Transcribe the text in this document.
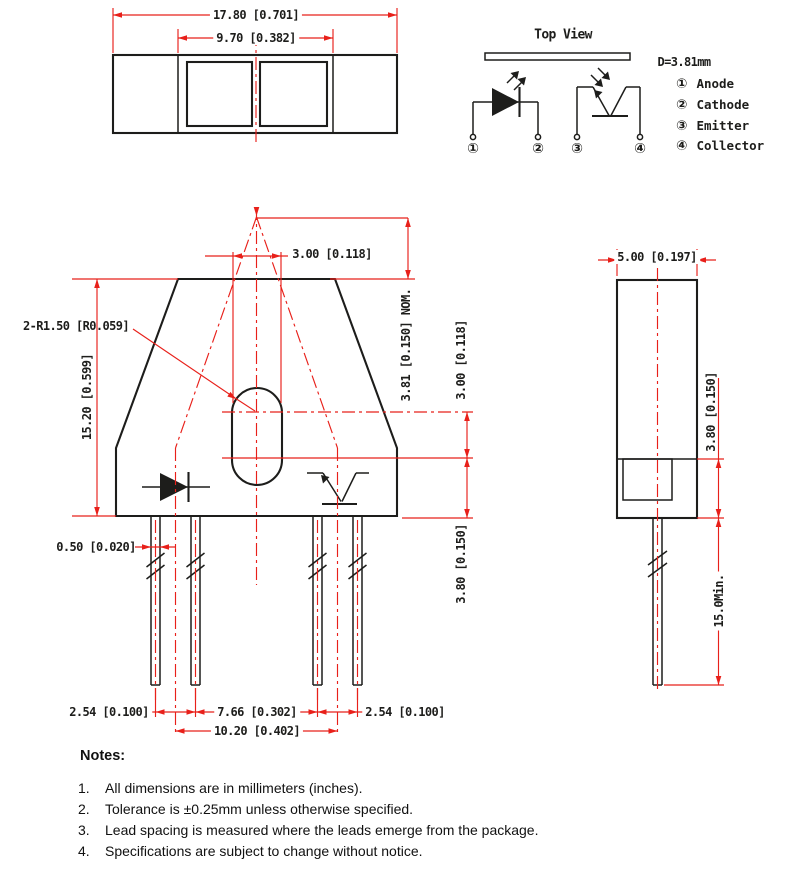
17.80 [0.701]
9.70 [0.382]	Top View
D=3.81mm
①	② ③	④
① Anode
② Cathode
③ Emitter
④ Collector
3.00 [0.118]
3.81 [0.150] NOM.	3.00 [0.118]
3.80 [0.150]
15.20 [0.599]
2-R1.50 [R0.059]
0.50 [0.020]
2.54 [0.100]	7.66 [0.302]	2.54 [0.100]
10.20 [0.402]
5.00 [0.197]
3.80 [0.150]
15.0Min.
Notes:
1.	All dimensions are in millimeters (inches).
2.	Tolerance is ±0.25mm unless otherwise specified.
3.	Lead spacing is measured where the leads emerge from the package.
4.	Specifications are subject to change without notice.
